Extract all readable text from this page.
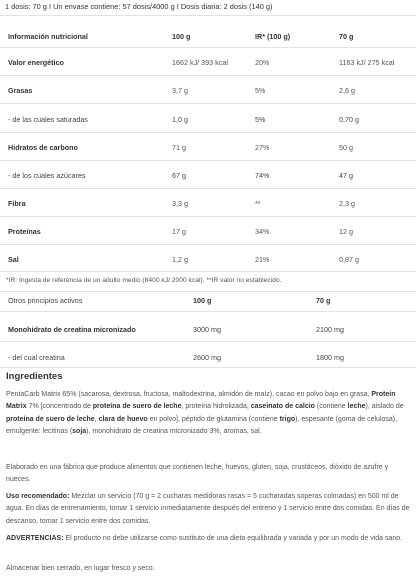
1 dosis: 70 g I Un envase contiene: 57 dosis/4000 g I Dosis diaria: 2 dosis (140 g)
Información nutricional	100 g	IR* (100 g)	70 g
Valor energético	1662 kJ/ 393 kcal	20%	1163 kJ/ 275 kcal
Grasas	3,7 g	5%	2,6 g
- de las cuales saturadas	1,0 g	5%	0,70 g
Hidratos de carbono	71 g	27%	50 g
- de los cuales azúcares	67 g	74%	47 g
Fibra	3,3 g	**	2,3 g
Proteínas	17 g	34%	12 g
Sal	1,2 g	21%	0,87 g
*IR: Ingesta de referencia de un adulto medio (8400 kJ/ 2000 kcal). **IR valor no establecido.
Otros principios activos	100 g	70 g
Monohidrato de creatina micronizado	3000 mg	2100 mg
- del cual creatina	2600 mg	1800 mg
Ingredientes
PentaCarb Matrix 65% (sacarosa, dextrosa, fructosa, maltodextrina, almidón de maíz), cacao en polvo bajo en grasa, Protein Matrix 7% [concentrado de proteína de suero de leche, proteína hidrolizada, caseinato de calcio (contiene leche), aislado de proteína de suero de leche, clara de huevo en polvo], péptido de glutamina (contiene trigo), espesante (goma de celulosa), emulgente: lecitinas (soja), monohidrato de creatina micronizado 3%, aromas, sal.
Elaborado en una fábrica que produce alimentos que contienen leche, huevos, gluten, soja, crustáceos, dióxido de azufre y nueces.
Uso recomendado: Mezclar un servicio (70 g = 2 cucharas medidoras rasas = 5 cucharadas soperas colmadas) en 500 ml de agua. En días de entrenamiento, tomar 1 servicio inmediatamente después del entreno y 1 servicio entre dos comidas. En días de descanso, tomar 1 servicio entre dos comidas.
ADVERTENCIAS: El producto no debe utilizarse como sustituto de una dieta equilibrada y variada y por un modo de vida sano.
Almacenar bien cerrado, en lugar fresco y seco.
